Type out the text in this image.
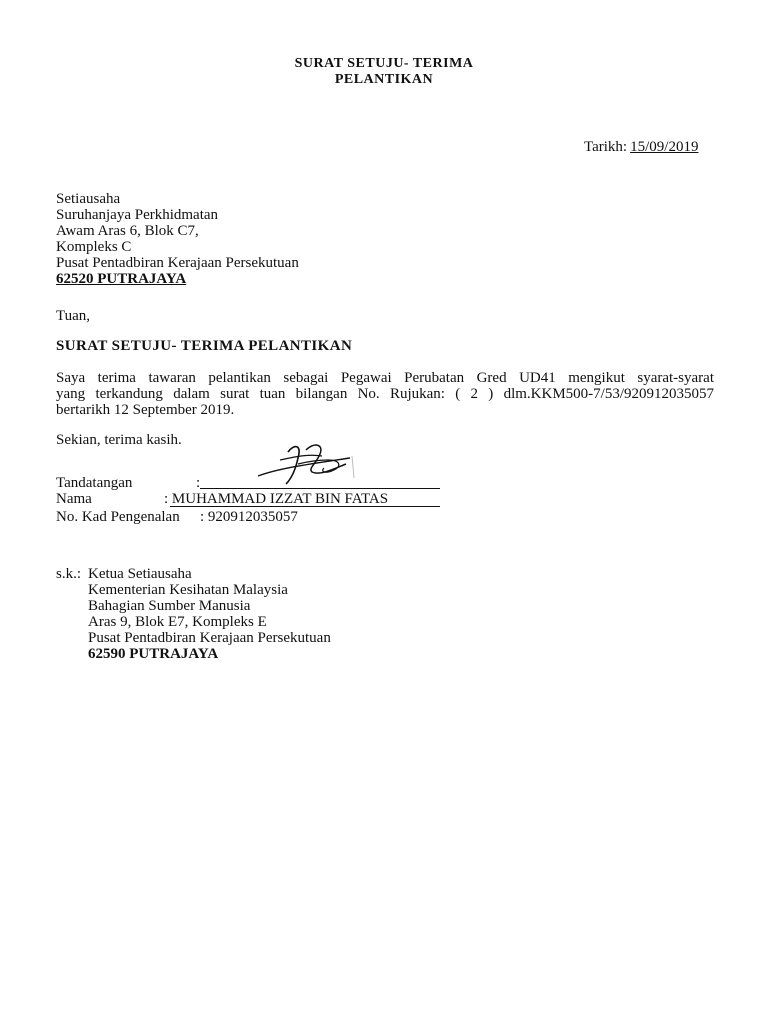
SURAT SETUJU- TERIMA
PELANTIKAN
Tarikh: 15/09/2019
Setiausaha
Suruhanjaya Perkhidmatan
Awam Aras 6, Blok C7,
Kompleks C
Pusat Pentadbiran Kerajaan Persekutuan
62520 PUTRAJAYA
Tuan,
SURAT SETUJU- TERIMA PELANTIKAN
Saya terima tawaran pelantikan sebagai Pegawai Perubatan Gred UD41 mengikut syarat-syarat
yang terkandung dalam surat tuan bilangan No. Rujukan: ( 2 ) dlm.KKM500-7/53/920912035057
bertarikh 12 September 2019.
Sekian, terima kasih.
Tandatangan	:
Nama	: MUHAMMAD IZZAT BIN FATAS
No. Kad Pengenalan : 920912035057
s.k.: Ketua Setiausaha
Kementerian Kesihatan Malaysia
Bahagian Sumber Manusia
Aras 9, Blok E7, Kompleks E
Pusat Pentadbiran Kerajaan Persekutuan
62590 PUTRAJAYA
